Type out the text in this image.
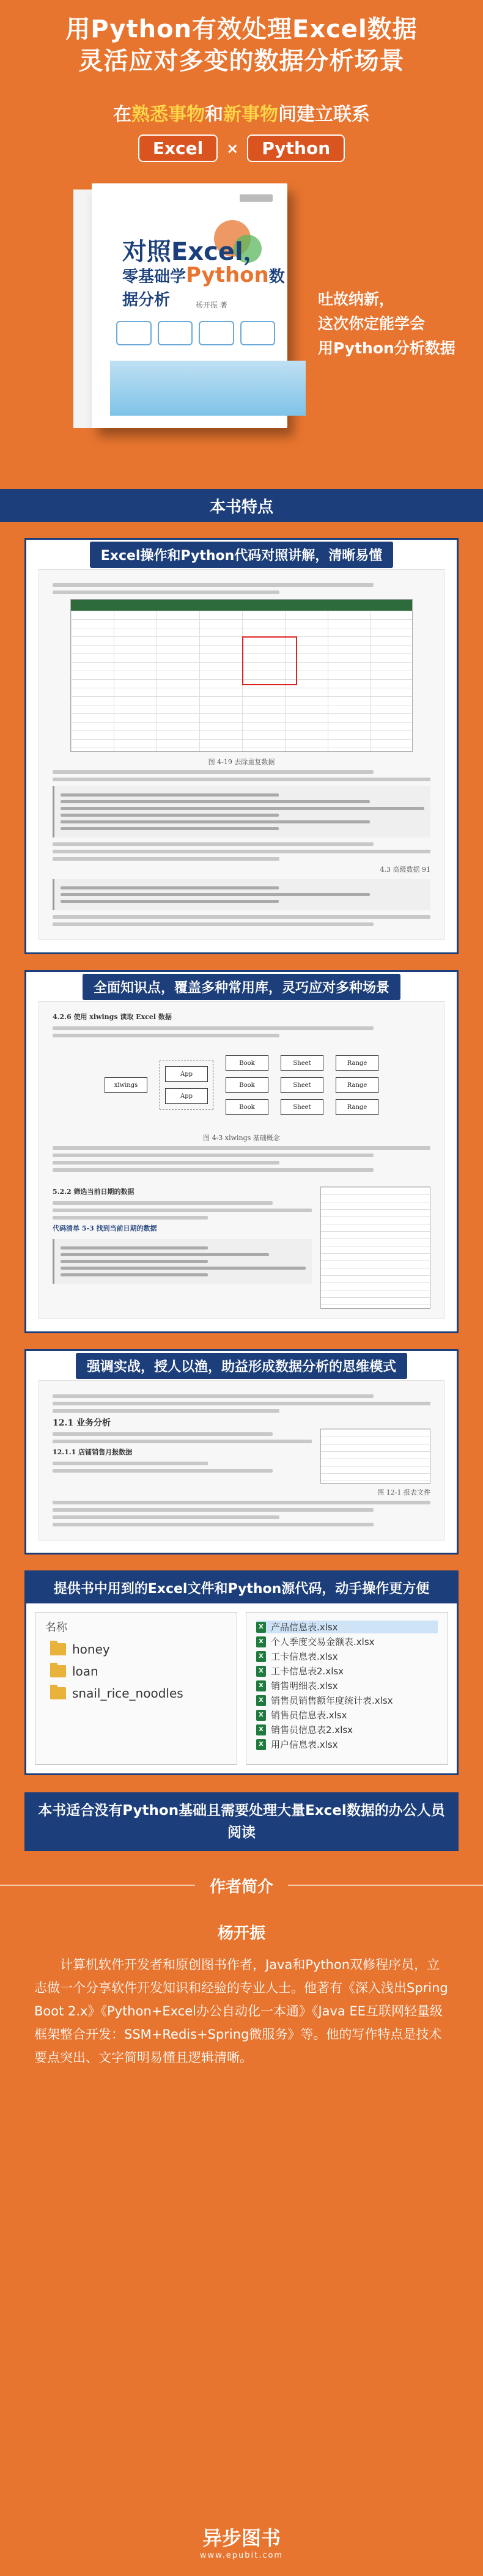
用Python有效处理Excel数据
灵活应对多变的数据分析场景
在熟悉事物和新事物间建立联系
Excel	×	Python
对照Excel，
零基础学Python数据分析	杨开振 著	吐故纳新，
这次你定能学会
用Python分析数据
本书特点
Excel操作和Python代码对照讲解，清晰易懂
图 4-19 去除重复数据
4.3 高级数据 91
全面知识点，覆盖多种常用库，灵巧应对多种场景
4.2.6 使用 xlwings 读取 Excel 数据
xlwings
App
App
Book
Book
Book
Sheet
Sheet
Sheet
Range
Range
Range
图 4-3 xlwings 基础概念
5.2.2 筛选当前日期的数据
代码清单 5-3 找到当前日期的数据
强调实战，授人以渔，助益形成数据分析的思维模式
12.1 业务分析
12.1.1 店铺销售月报数据
图 12-1 报表文件
提供书中用到的Excel文件和Python源代码，动手操作更方便
名称
honey
loan
snail_rice_noodles
X 产品信息表.xlsx
X 个人季度交易金额表.xlsx
X 工卡信息表.xlsx
X 工卡信息表2.xlsx
X 销售明细表.xlsx
X 销售员销售额年度统计表.xlsx
X 销售员信息表.xlsx
X 销售员信息表2.xlsx
X 用户信息表.xlsx
本书适合没有Python基础且需要处理大量Excel数据的办公人员阅读
作者简介
杨开振
计算机软件开发者和原创图书作者，Java和Python双修程序员，立志做一个分享软件开发知识和经验的专业人士。他著有《深入浅出Spring Boot 2.x》《Python+Excel办公自动化一本通》《Java EE互联网轻量级框架整合开发：SSM+Redis+Spring微服务》等。他的写作特点是技术要点突出、文字简明易懂且逻辑清晰。
异步图书
www.epubit.com
